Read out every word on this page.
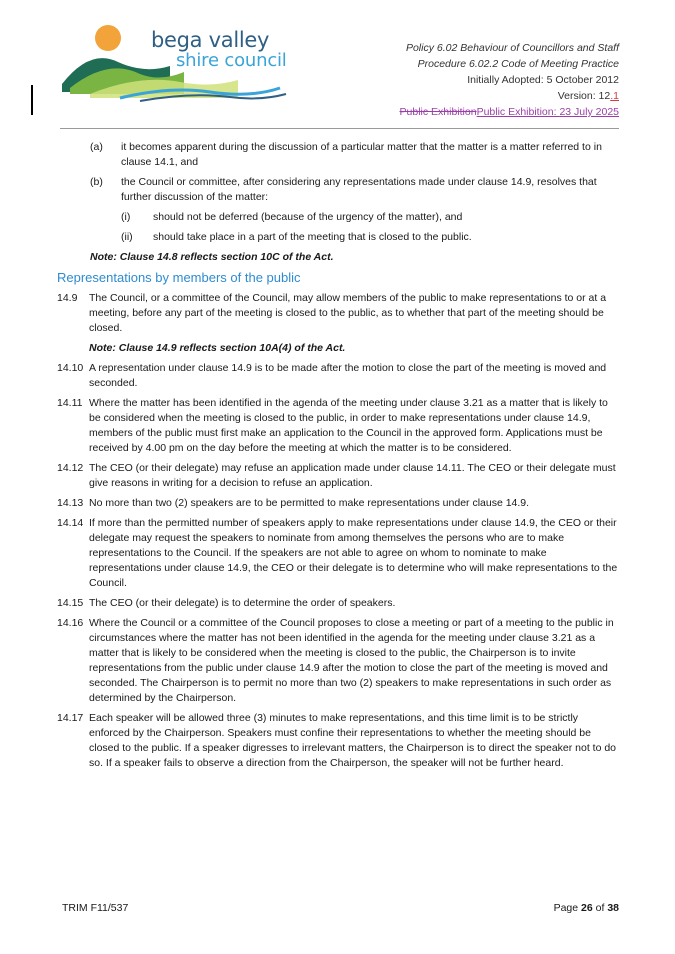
bega valley
shire council
Policy 6.02 Behaviour of Councillors and Staff
Procedure 6.02.2 Code of Meeting Practice
Initially Adopted: 5 October 2012
Version: 12.1
Public ExhibitionPublic Exhibition: 23 July 2025
(a) it becomes apparent during the discussion of a particular matter that the matter is a matter referred to in clause 14.1, and
(b) the Council or committee, after considering any representations made under clause 14.9, resolves that further discussion of the matter:
(i) should not be deferred (because of the urgency of the matter), and
(ii) should take place in a part of the meeting that is closed to the public.
Note: Clause 14.8 reflects section 10C of the Act.
Representations by members of the public
14.9 The Council, or a committee of the Council, may allow members of the public to make representations to or at a meeting, before any part of the meeting is closed to the public, as to whether that part of the meeting should be closed.
Note: Clause 14.9 reflects section 10A(4) of the Act.
14.10 A representation under clause 14.9 is to be made after the motion to close the part of the meeting is moved and seconded.
14.11 Where the matter has been identified in the agenda of the meeting under clause 3.21 as a matter that is likely to be considered when the meeting is closed to the public, in order to make representations under clause 14.9, members of the public must first make an application to the Council in the approved form. Applications must be received by 4.00 pm on the day before the meeting at which the matter is to be considered.
14.12 The CEO (or their delegate) may refuse an application made under clause 14.11. The CEO or their delegate must give reasons in writing for a decision to refuse an application.
14.13 No more than two (2) speakers are to be permitted to make representations under clause 14.9.
14.14 If more than the permitted number of speakers apply to make representations under clause 14.9, the CEO or their delegate may request the speakers to nominate from among themselves the persons who are to make representations to the Council. If the speakers are not able to agree on whom to nominate to make representations under clause 14.9, the CEO or their delegate is to determine who will make representations to the Council.
14.15 The CEO (or their delegate) is to determine the order of speakers.
14.16 Where the Council or a committee of the Council proposes to close a meeting or part of a meeting to the public in circumstances where the matter has not been identified in the agenda for the meeting under clause 3.21 as a matter that is likely to be considered when the meeting is closed to the public, the Chairperson is to invite representations from the public under clause 14.9 after the motion to close the part of the meeting is moved and seconded. The Chairperson is to permit no more than two (2) speakers to make representations in such order as determined by the Chairperson.
14.17 Each speaker will be allowed three (3) minutes to make representations, and this time limit is to be strictly enforced by the Chairperson. Speakers must confine their representations to whether the meeting should be closed to the public. If a speaker digresses to irrelevant matters, the Chairperson is to direct the speaker not to do so. If a speaker fails to observe a direction from the Chairperson, the speaker will not be further heard.
TRIM F11/537	Page 26 of 38
